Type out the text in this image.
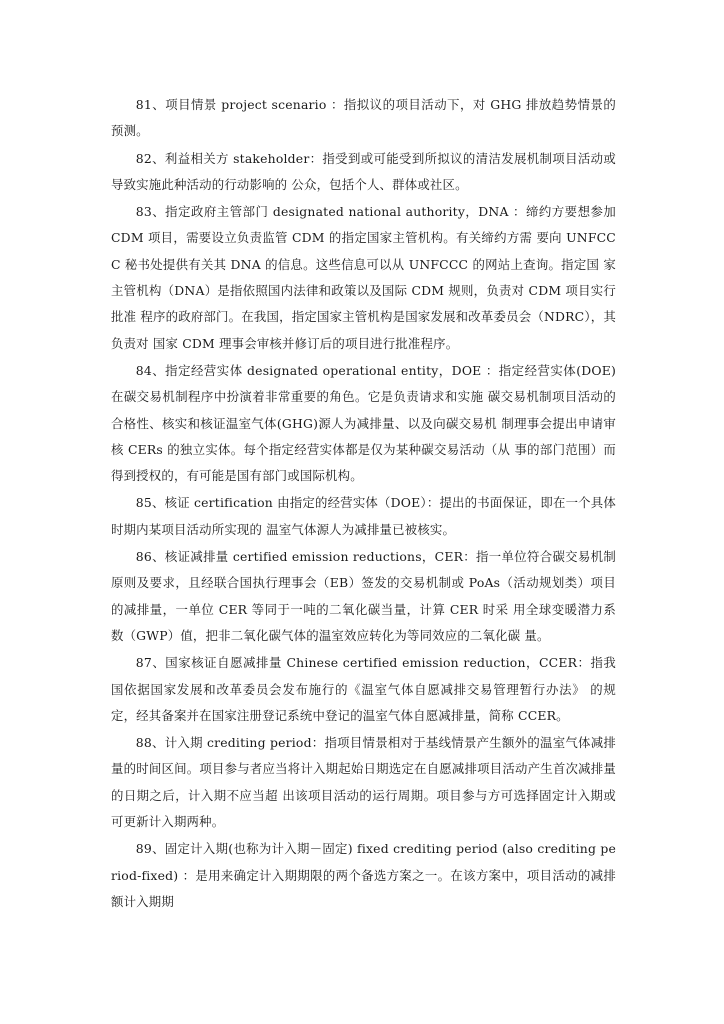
81、项目情景 project scenario ：指拟议的项目活动下，对 GHG 排放趋势情景的预测。

82、利益相关方 stakeholder：指受到或可能受到所拟议的清洁发展机制项目活动或导致实施此种活动的行动影响的 公众，包括个人、群体或社区。

83、指定政府主管部门 designated national authority，DNA ：缔约方要想参加 CDM 项目，需要设立负责监管 CDM 的指定国家主管机构。有关缔约方需 要向 UNFCCC 秘书处提供有关其 DNA 的信息。这些信息可以从 UNFCCC 的网站上查询。指定国 家主管机构（DNA）是指依照国内法律和政策以及国际 CDM 规则，负责对 CDM 项目实行批准 程序的政府部门。在我国，指定国家主管机构是国家发展和改革委员会（NDRC），其负责对 国家 CDM 理事会审核并修订后的项目进行批准程序。

84、指定经营实体 designated operational entity，DOE ：指定经营实体(DOE)在碳交易机制程序中扮演着非常重要的角色。它是负责请求和实施 碳交易机制项目活动的合格性、核实和核证温室气体(GHG)源人为减排量、以及向碳交易机 制理事会提出申请审核 CERs 的独立实体。每个指定经营实体都是仅为某种碳交易活动（从 事的部门范围）而得到授权的，有可能是国有部门或国际机构。

85、核证 certification 由指定的经营实体（DOE）：提出的书面保证，即在一个具体时期内某项目活动所实现的 温室气体源人为减排量已被核实。

86、核证减排量 certified emission reductions，CER：指一单位符合碳交易机制原则及要求，且经联合国执行理事会（EB）签发的交易机制或 PoAs（活动规划类）项目的减排量，一单位 CER 等同于一吨的二氧化碳当量，计算 CER 时采 用全球变暖潜力系数（GWP）值，把非二氧化碳气体的温室效应转化为等同效应的二氧化碳 量。

87、国家核证自愿减排量 Chinese certified emission reduction，CCER：指我国依据国家发展和改革委员会发布施行的《温室气体自愿减排交易管理暂行办法》 的规定，经其备案并在国家注册登记系统中登记的温室气体自愿减排量，简称 CCER。

88、计入期 crediting period：指项目情景相对于基线情景产生额外的温室气体减排量的时间区间。项目参与者应当将计入期起始日期选定在自愿减排项目活动产生首次减排量的日期之后，计入期不应当超 出该项目活动的运行周期。项目参与方可选择固定计入期或可更新计入期两种。

89、固定计入期(也称为计入期－固定) fixed crediting period (also crediting period-fixed) ：是用来确定计入期期限的两个备选方案之一。在该方案中，项目活动的减排额计入期期
